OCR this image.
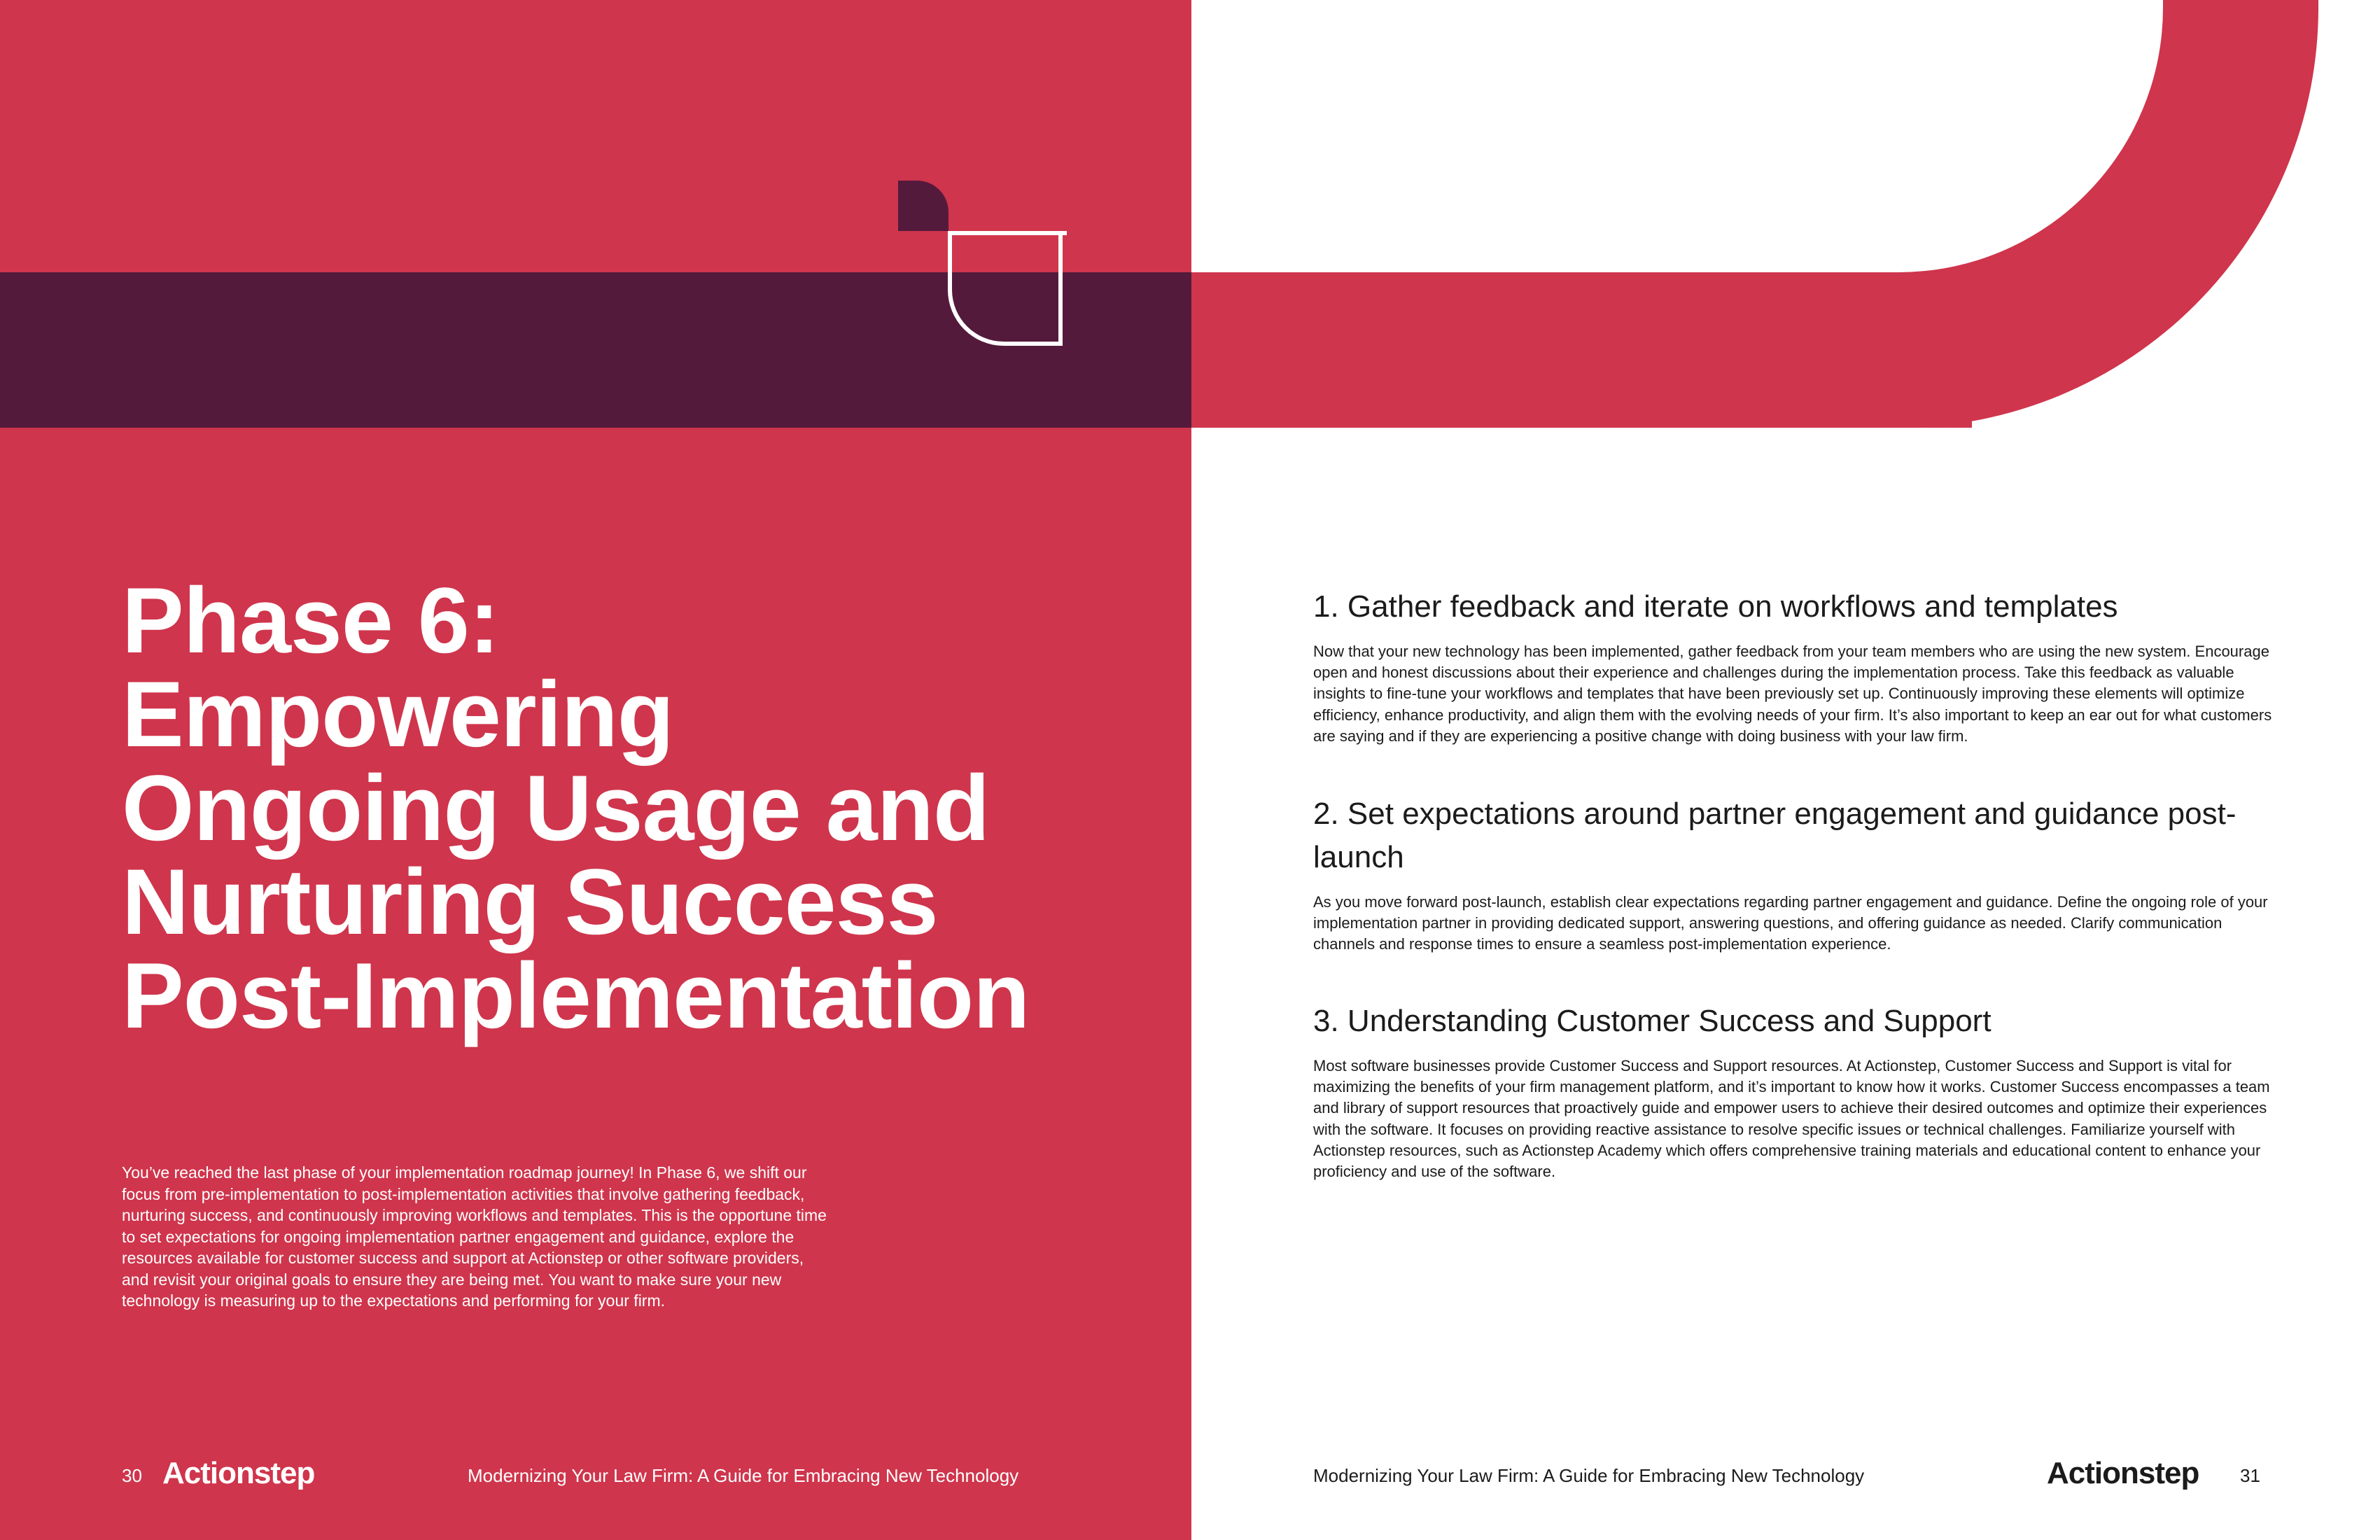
Phase 6:
Empowering
Ongoing Usage and
Nurturing Success
Post-Implementation

You’ve reached the last phase of your implementation roadmap journey! In Phase 6, we shift our focus from pre-implementation to post-implementation activities that involve gathering feedback, nurturing success, and continuously improving workflows and templates. This is the opportune time to set expectations for ongoing implementation partner engagement and guidance, explore the resources available for customer success and support at Actionstep or other software providers, and revisit your original goals to ensure they are being met. You want to make sure your new technology is measuring up to the expectations and performing for your firm.

30 Actionstep	Modernizing Your Law Firm: A Guide for Embracing New Technology
1. Gather feedback and iterate on workflows and templates

Now that your new technology has been implemented, gather feedback from your team members who are using the new system. Encourage open and honest discussions about their experience and challenges during the implementation process. Take this feedback as valuable insights to fine-tune your workflows and templates that have been previously set up. Continuously improving these elements will optimize efficiency, enhance productivity, and align them with the evolving needs of your firm. It’s also important to keep an ear out for what customers are saying and if they are experiencing a positive change with doing business with your law firm.

2. Set expectations around partner engagement and guidance post-launch

As you move forward post-launch, establish clear expectations regarding partner engagement and guidance. Define the ongoing role of your implementation partner in providing dedicated support, answering questions, and offering guidance as needed. Clarify communication channels and response times to ensure a seamless post-implementation experience.

3. Understanding Customer Success and Support

Most software businesses provide Customer Success and Support resources. At Actionstep, Customer Success and Support is vital for maximizing the benefits of your firm management platform, and it’s important to know how it works. Customer Success encompasses a team and library of support resources that proactively guide and empower users to achieve their desired outcomes and optimize their experiences with the software. It focuses on providing reactive assistance to resolve specific issues or technical challenges. Familiarize yourself with Actionstep resources, such as Actionstep Academy which offers comprehensive training materials and educational content to enhance your proficiency and use of the software.

Modernizing Your Law Firm: A Guide for Embracing New Technology	Actionstep 31
